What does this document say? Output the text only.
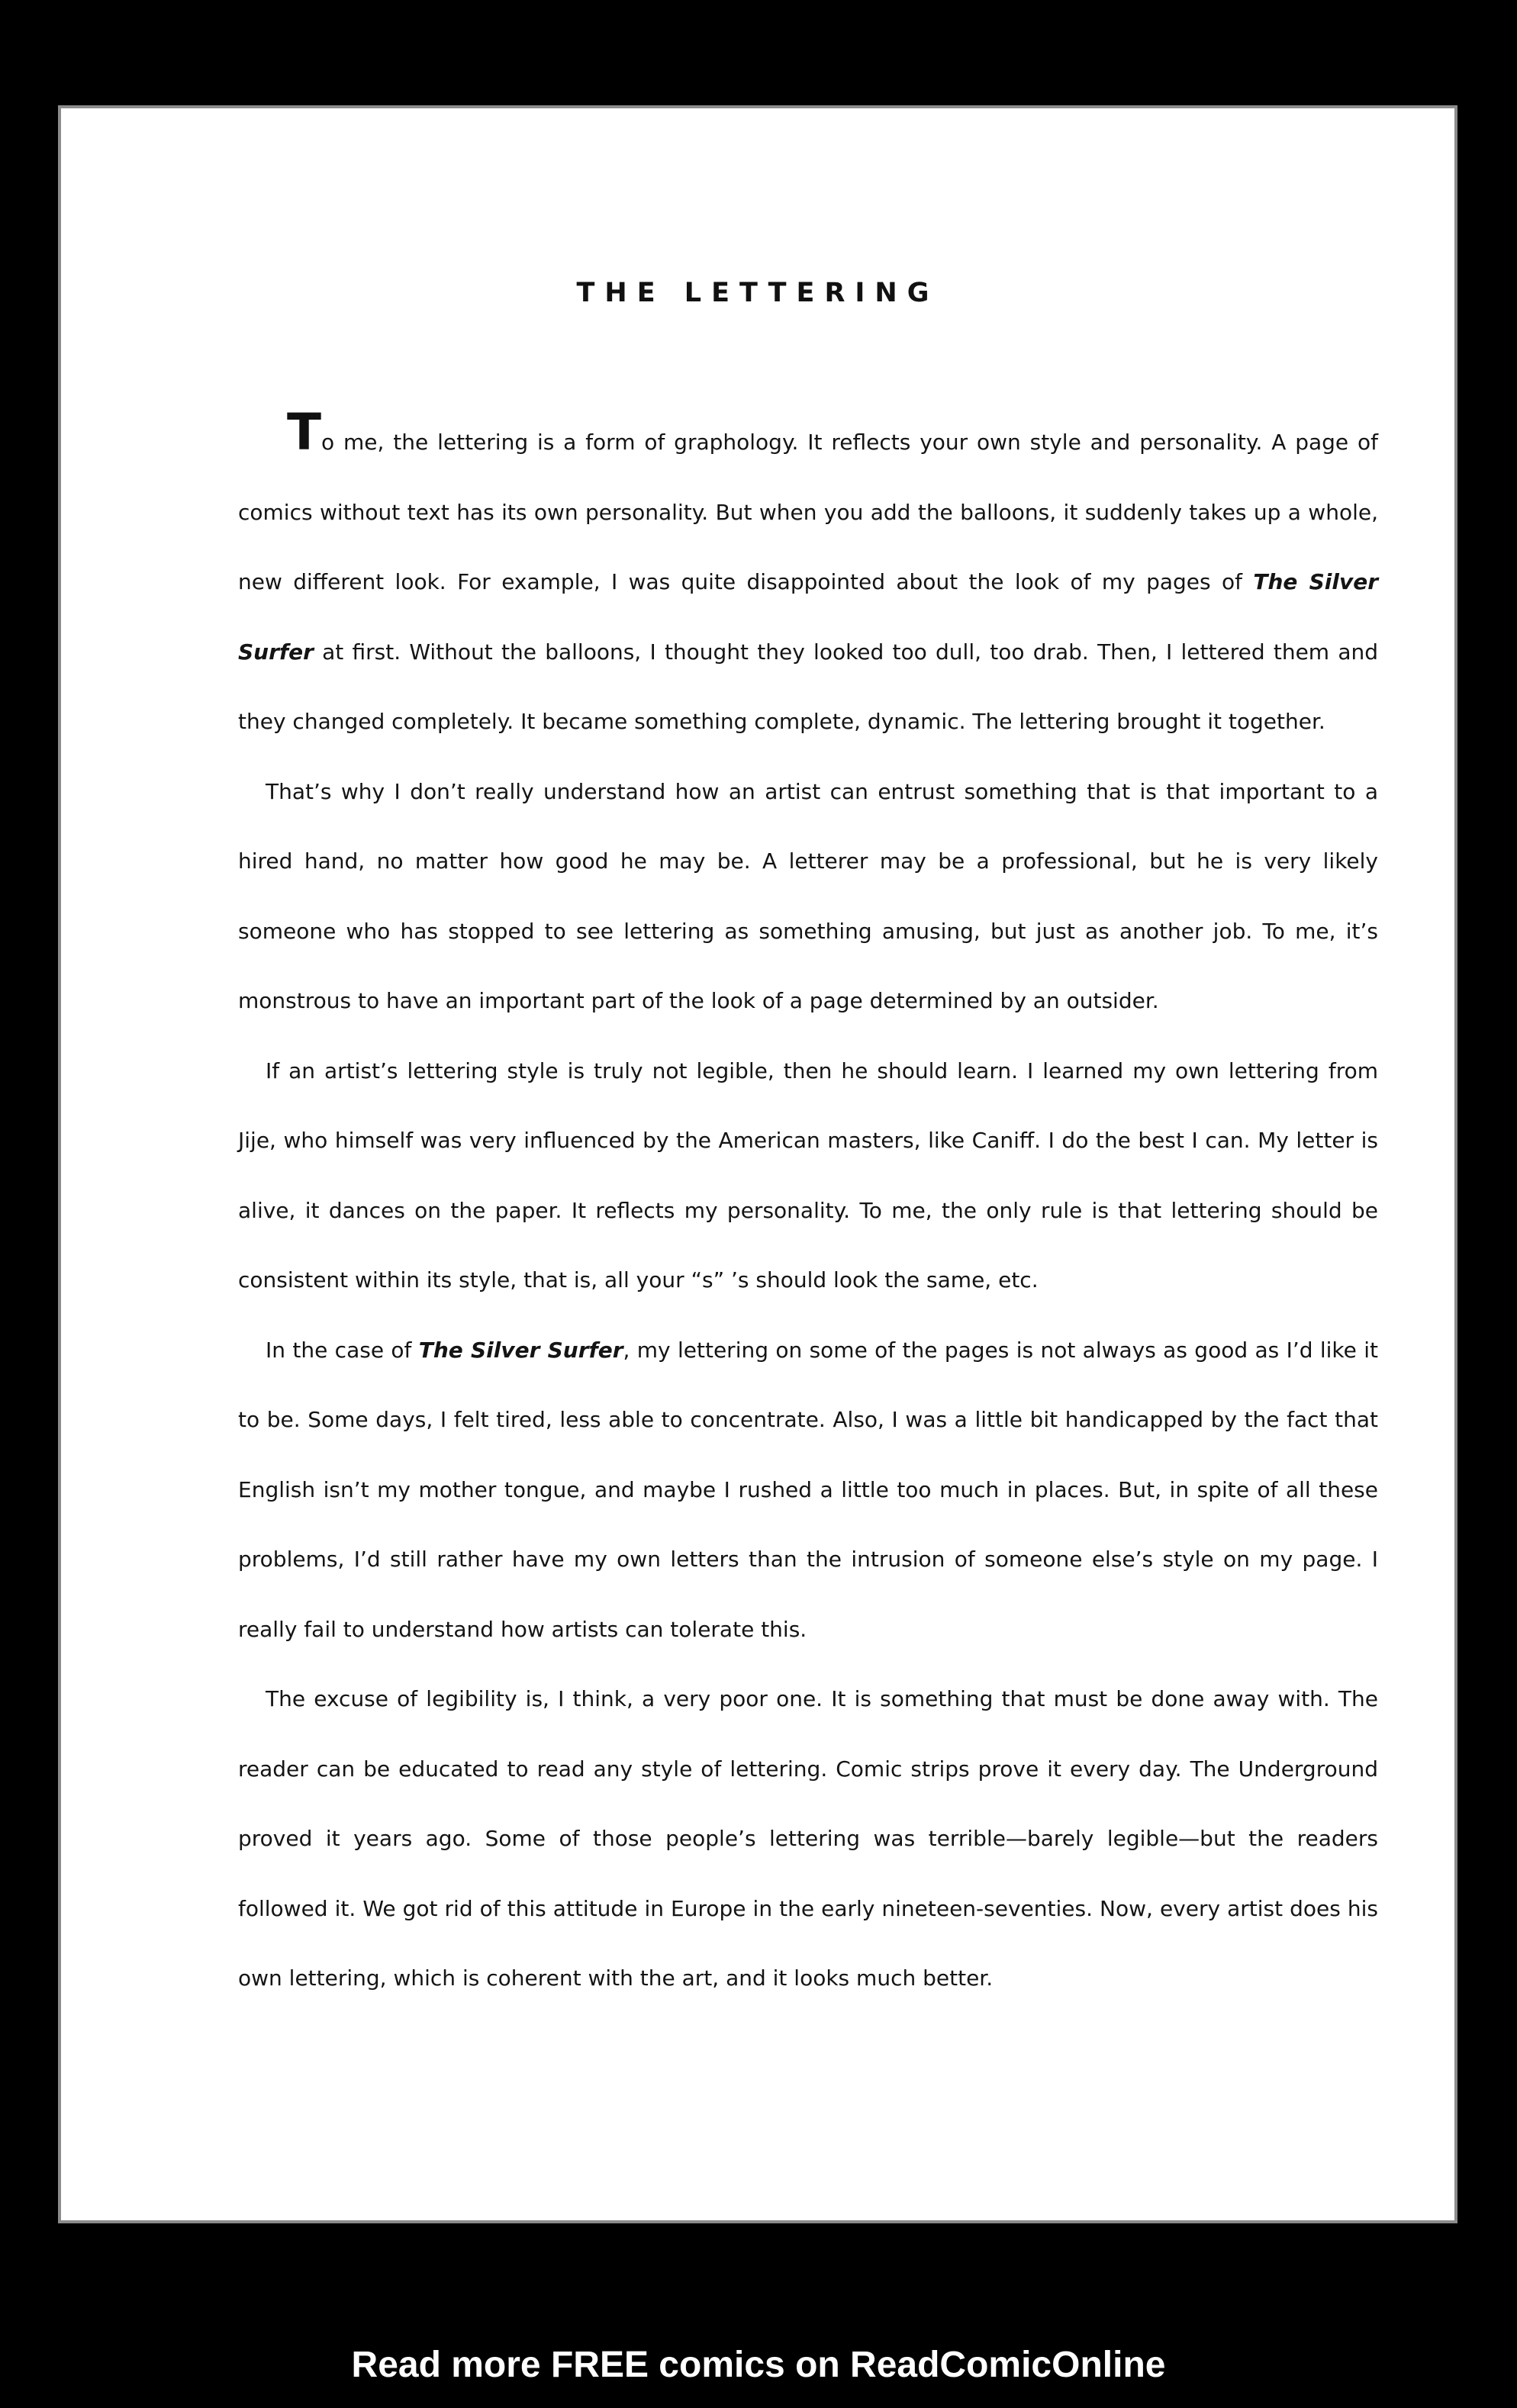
THE LETTERING

To me, the lettering is a form of graphology. It reflects your own style and personality. A page of comics without text has its own personality. But when you add the balloons, it suddenly takes up a whole, new different look. For example, I was quite disappointed about the look of my pages of The Silver Surfer at first. Without the balloons, I thought they looked too dull, too drab. Then, I lettered them and they changed completely. It became something complete, dynamic. The lettering brought it together.

That’s why I don’t really understand how an artist can entrust something that is that important to a hired hand, no matter how good he may be. A letterer may be a professional, but he is very likely someone who has stopped to see lettering as something amusing, but just as another job. To me, it’s monstrous to have an important part of the look of a page determined by an outsider.

If an artist’s lettering style is truly not legible, then he should learn. I learned my own lettering from Jije, who himself was very influenced by the American masters, like Caniff. I do the best I can. My letter is alive, it dances on the paper. It reflects my personality. To me, the only rule is that lettering should be consistent within its style, that is, all your “s” ’s should look the same, etc.

In the case of The Silver Surfer, my lettering on some of the pages is not always as good as I’d like it to be. Some days, I felt tired, less able to concentrate. Also, I was a little bit handicapped by the fact that English isn’t my mother tongue, and maybe I rushed a little too much in places. But, in spite of all these problems, I’d still rather have my own letters than the intrusion of someone else’s style on my page. I really fail to understand how artists can tolerate this.

The excuse of legibility is, I think, a very poor one. It is something that must be done away with. The reader can be educated to read any style of lettering. Comic strips prove it every day. The Underground proved it years ago. Some of those people’s lettering was terrible—barely legible—but the readers followed it. We got rid of this attitude in Europe in the early nineteen-seventies. Now, every artist does his own lettering, which is coherent with the art, and it looks much better.

Read more FREE comics on ReadComicOnline
